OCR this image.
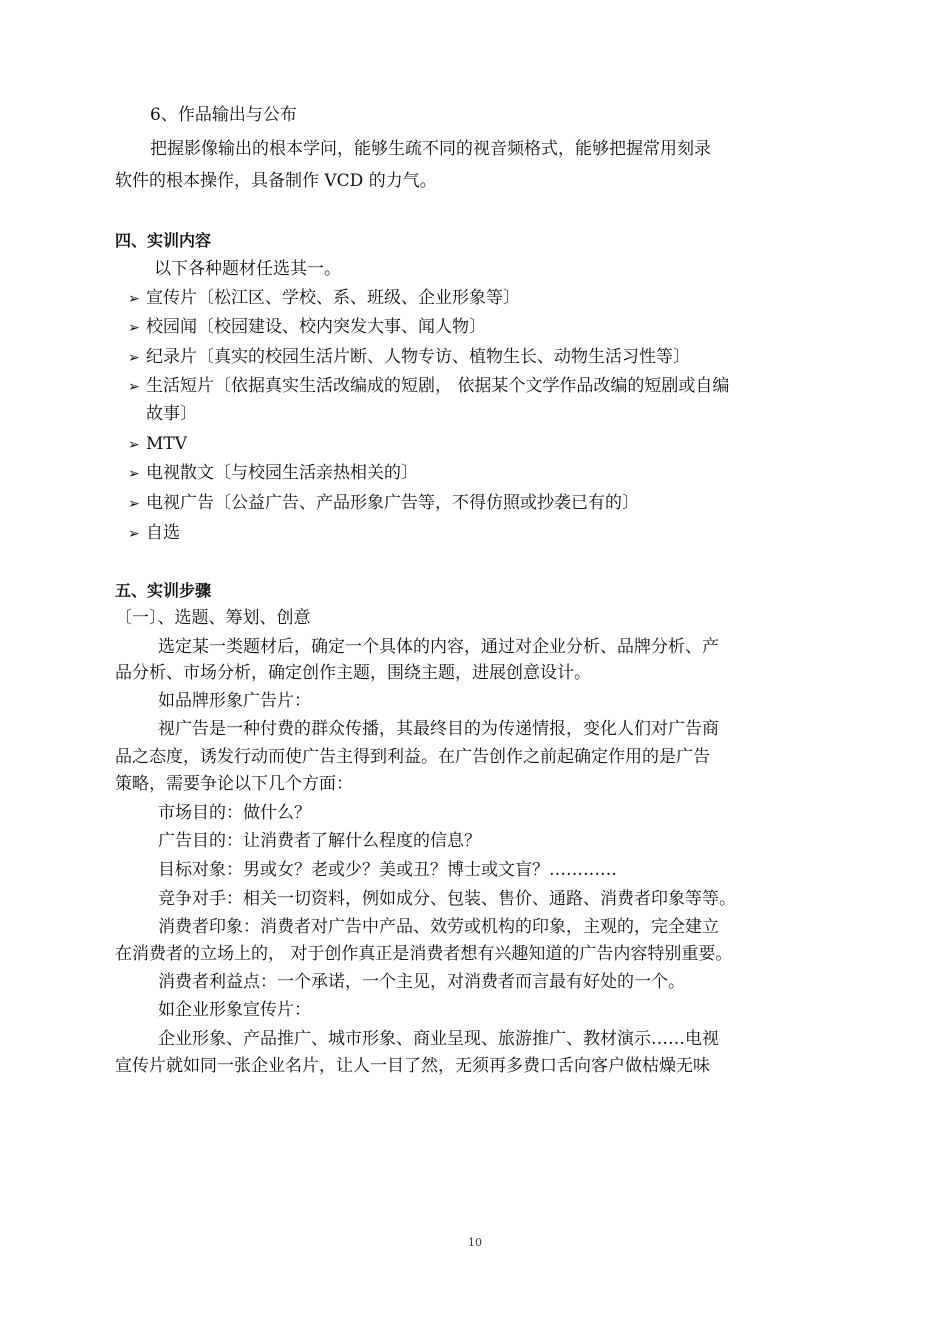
6、作品输出与公布

把握影像输出的根本学问，能够生疏不同的视音频格式，能够把握常用刻录

软件的根本操作，具备制作 VCD 的力气。

四、实训内容

以下各种题材任选其一。

➢ 宣传片〔松江区、学校、系、班级、企业形象等〕

➢ 校园闻〔校园建设、校内突发大事、闻人物〕

➢ 纪录片〔真实的校园生活片断、人物专访、植物生长、动物生活习性等〕

➢ 生活短片〔依据真实生活改编成的短剧， 依据某个文学作品改编的短剧或自编

故事〕

➢ MTV

➢ 电视散文〔与校园生活亲热相关的〕

➢ 电视广告〔公益广告、产品形象广告等，不得仿照或抄袭已有的〕

➢ 自选

五、实训步骤

〔一〕、选题、筹划、创意

选定某一类题材后，确定一个具体的内容，通过对企业分析、品牌分析、产

品分析、市场分析，确定创作主题，围绕主题，进展创意设计。

如品牌形象广告片：

视广告是一种付费的群众传播，其最终目的为传递情报，变化人们对广告商

品之态度，诱发行动而使广告主得到利益。在广告创作之前起确定作用的是广告

策略，需要争论以下几个方面：

市场目的：做什么？

广告目的：让消费者了解什么程度的信息？

目标对象：男或女？老或少？美或丑？博士或文盲？…………

竞争对手：相关一切资料，例如成分、包装、售价、通路、消费者印象等等。

消费者印象：消费者对广告中产品、效劳或机构的印象，主观的，完全建立

在消费者的立场上的， 对于创作真正是消费者想有兴趣知道的广告内容特别重要。

消费者利益点：一个承诺，一个主见，对消费者而言最有好处的一个。

如企业形象宣传片：

企业形象、产品推广、城市形象、商业呈现、旅游推广、教材演示……电视

宣传片就如同一张企业名片，让人一目了然，无须再多费口舌向客户做枯燥无味

10
